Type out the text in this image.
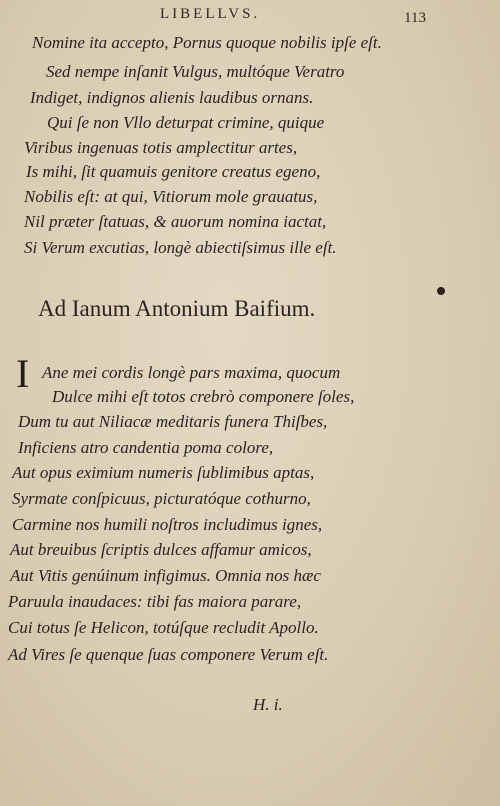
LIBELLVS.	113
Nomine ita accepto, Pornus quoque nobilis ipſe eſt.
Sed nempe inſanit Vulgus, multóque Veratro
Indiget, indignos alienis laudibus ornans.
Qui ſe non Vllo deturpat crimine, quique
Viribus ingenuas totis amplectitur artes,
Is mihi, ſit quamuis genitore creatus egeno,
Nobilis eſt: at qui, Vitiorum mole grauatus,
Nil præter ſtatuas, & auorum nomina iactat,
Si Verum excutias, longè abiectiſsimus ille eſt.
Ad Ianum Antonium Baifium.
I Ane mei cordis longè pars maxima, quocum
Dulce mihi eſt totos crebrò componere ſoles,
Dum tu aut Niliacæ meditaris funera Thiſbes,
Inficiens atro candentia poma colore,
Aut opus eximium numeris ſublimibus aptas,
Syrmate conſpicuus, picturatóque cothurno,
Carmine nos humili noſtros includimus ignes,
Aut breuibus ſcriptis dulces affamur amicos,
Aut Vitis genúinum infigimus. Omnia nos hæc
Paruula inaudaces: tibi fas maiora parare,
Cui totus ſe Helicon, totúſque recludit Apollo.
Ad Vires ſe quenque ſuas componere Verum eſt.
H. i.
